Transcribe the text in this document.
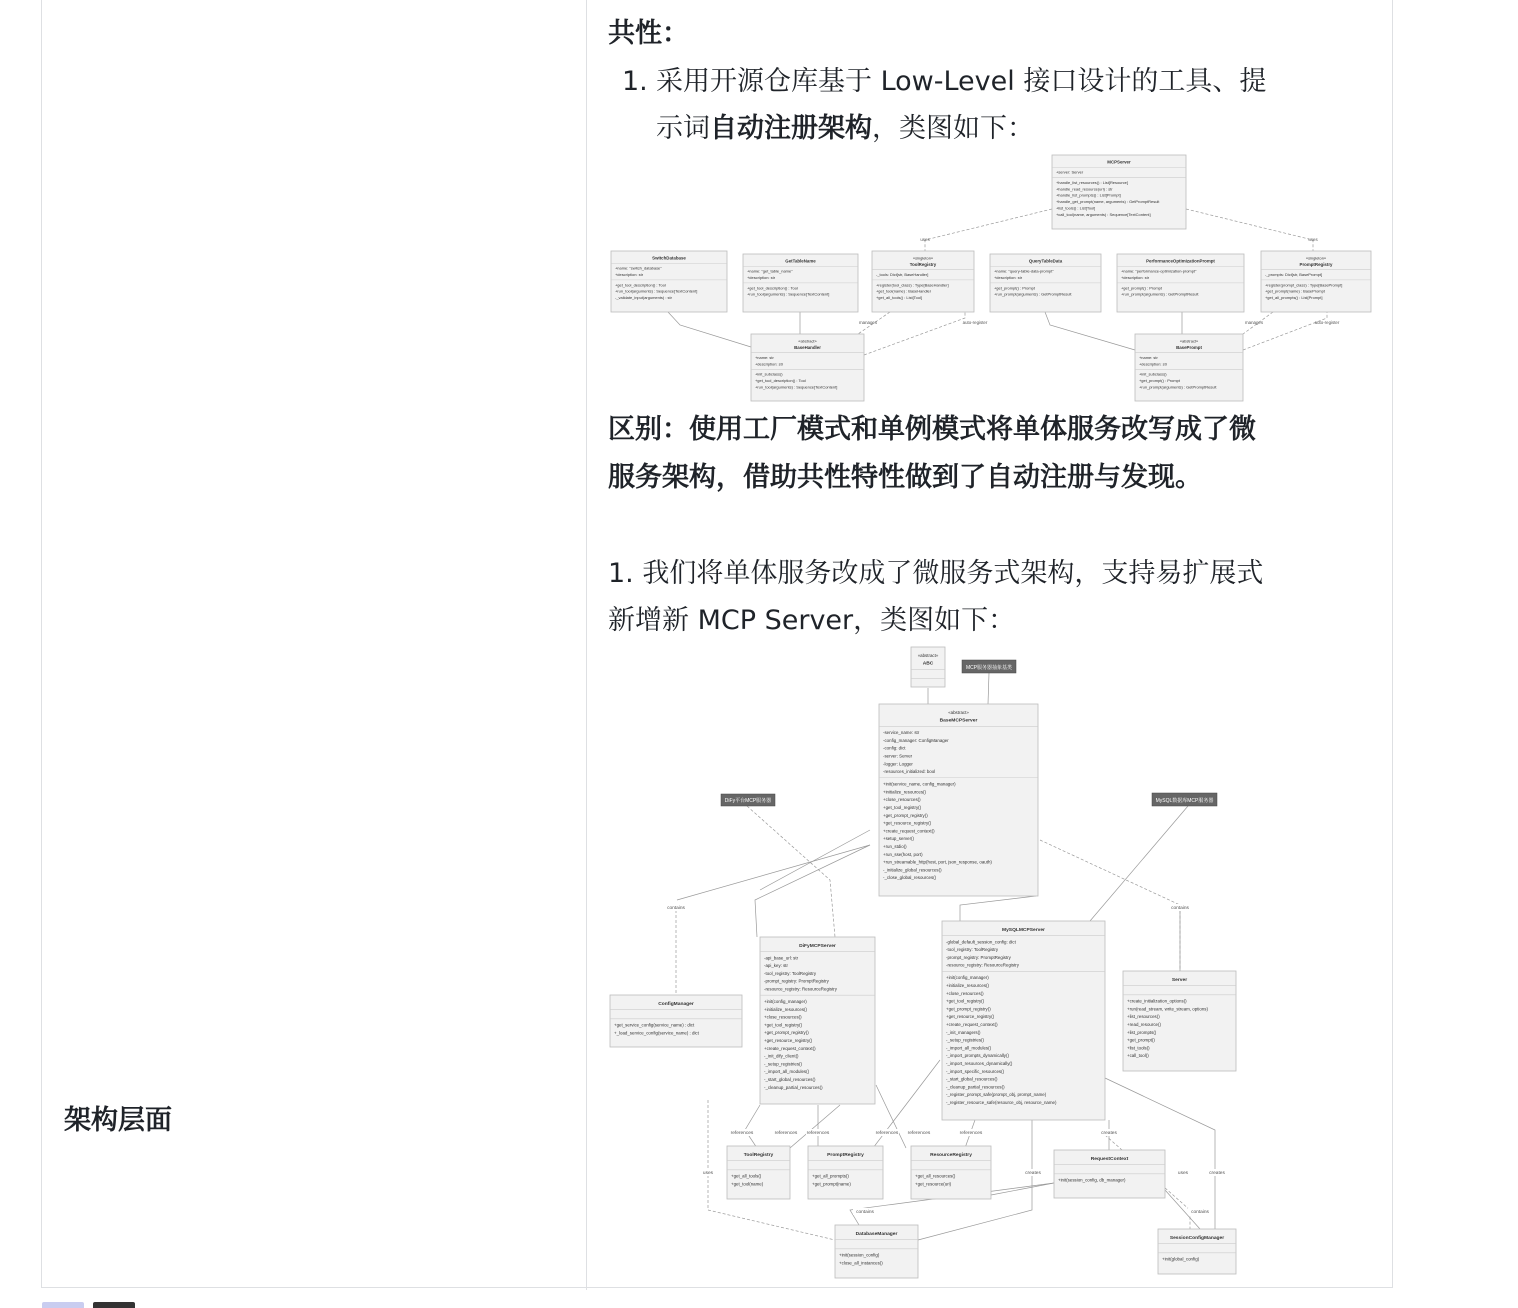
架构层面
共性：
1. 采用开源仓库基于 Low-Level 接口设计的工具、提
示词自动注册架构，类图如下：
区别：使用工厂模式和单例模式将单体服务改写成了微
服务架构，借助共性特性做到了自动注册与发现。
1. 我们将单体服务改成了微服务式架构，支持易扩展式
新增新 MCP Server，类图如下：
MCPServer
+server: Server
+handle_list_resources() : List[Resource]
+handle_read_resource(uri) : str
+handle_list_prompts() : List[Prompt]
+handle_get_prompt(name, arguments) : GetPromptResult
+list_tools() : List[Tool]
+call_tool(name, arguments) : Sequence[TextContent]
SwitchDatabase
+name: "switch_database"
+description: str
+get_tool_description() : Tool
+run_tool(arguments) : Sequence[TextContent]
-_validate_input(arguments) : str
GetTableName
+name: "get_table_name"
+description: str
+get_tool_description() : Tool
+run_tool(arguments) : Sequence[TextContent]
«singleton»
ToolRegistry
-_tools: Dict[str, BaseHandler]
+register(tool_class) : Type[BaseHandler]
+get_tool(name) : BaseHandler
+get_all_tools() : List[Tool]
QueryTableData
+name: "query-table-data-prompt"
+description: str
+get_prompt() : Prompt
+run_prompt(arguments) : GetPromptResult
PerformanceOptimizationPrompt
+name: "performance-optimization-prompt"
+description: str
+get_prompt() : Prompt
+run_prompt(arguments) : GetPromptResult
«singleton»
PromptRegistry
-_prompts: Dict[str, BasePrompt]
+register(prompt_class) : Type[BasePrompt]
+get_prompt(name) : BasePrompt
+get_all_prompts() : List[Prompt]
«abstract»
BaseHandler
+name: str
+description: str
+init_subclass()
+get_tool_description() : Tool
+run_tool(arguments) : Sequence[TextContent]
«abstract»
BasePrompt
+name: str
+description: str
+init_subclass()
+get_prompt() : Prompt
+run_prompt(arguments) : GetPromptResult
uses	uses
manages	auto-register	manages	auto-register
«abstract»
ABC
«abstract»
BaseMCPServer
-service_name: str
-config_manager: ConfigManager
-config: dict
-server: Server
-logger: Logger
-resources_initialized: bool
+init(service_name, config_manager)
+initialize_resources()
+close_resources()
+get_tool_registry()
+get_prompt_registry()
+get_resource_registry()
+create_request_context()
+setup_server()
+run_stdio()
+run_sse(host, port)
+run_streamable_http(host, port, json_response, oauth)
-_initialize_global_resources()
-_close_global_resources()
DiFyMCPServer
-api_base_url: str
-api_key: str
-tool_registry: ToolRegistry
-prompt_registry: PromptRegistry
-resource_registry: ResourceRegistry
+init(config_manager)
+initialize_resources()
+close_resources()
+get_tool_registry()
+get_prompt_registry()
+get_resource_registry()
+create_request_context()
-_init_dify_client()
-_setup_registries()
-_import_all_modules()
-_start_global_resources()
-_cleanup_partial_resources()
MySQLMCPServer
-global_default_session_config: dict
-tool_registry: ToolRegistry
-prompt_registry: PromptRegistry
-resource_registry: ResourceRegistry
+init(config_manager)
+initialize_resources()
+close_resources()
+get_tool_registry()
+get_prompt_registry()
+get_resource_registry()
+create_request_context()
-_init_managers()
-_setup_registries()
-_import_all_modules()
-_import_prompts_dynamically()
-_import_resources_dynamically()
-_import_specific_resources()
-_start_global_resources()
-_cleanup_partial_resources()
-_register_prompt_safe(prompt_obj, prompt_name)
-_register_resource_safe(resource_obj, resource_name)
ConfigManager
+get_service_config(service_name) : dict
+_load_service_config(service_name) : dict
Server
+create_initialization_options()
+run(read_stream, write_stream, options)
+list_resources()
+read_resource()
+list_prompts()
+get_prompt()
+list_tools()
+call_tool()
ToolRegistry
+get_all_tools()
+get_tool(name)
PromptRegistry
+get_all_prompts()
+get_prompt(name)
ResourceRegistry
+get_all_resources()
+get_resource(uri)
RequestContext
+init(session_config, db_manager)
DatabaseManager
+init(session_config)
+close_all_instances()
SessionConfigManager
+init(global_config)
MCP服务器抽象基类
DiFy平台MCP服务器	MySQL数据库MCP服务器
contains	contains
references	references references	references references	references
uses
creates
creates	uses	creates
contains	contains
